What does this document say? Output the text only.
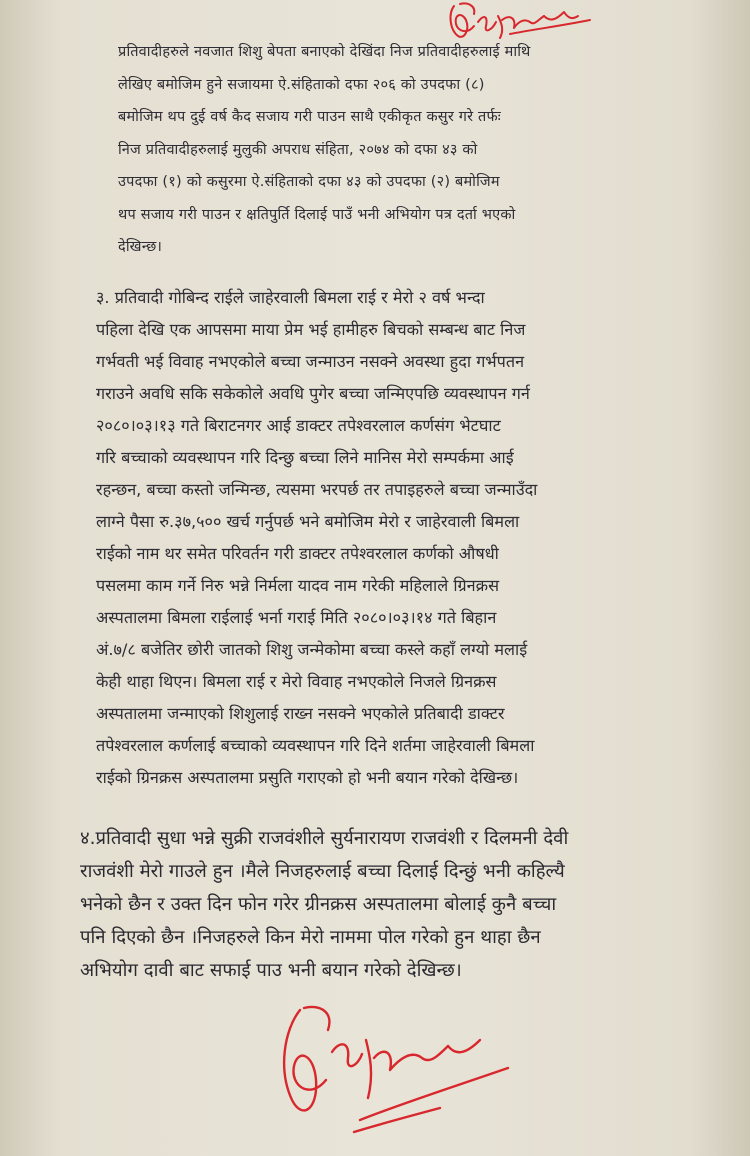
प्रतिवादीहरुले नवजात शिशु बेपता बनाएको देखिंदा निज प्रतिवादीहरुलाई माथि
लेखिए बमोजिम हुने सजायमा ऐ.संहिताको दफा २०६ को उपदफा (८)
बमोजिम थप दुई वर्ष कैद सजाय गरी पाउन साथै एकीकृत कसुर गरे तर्फः
निज प्रतिवादीहरुलाई मुलुकी अपराध संहिता, २०७४ को दफा ४३ को
उपदफा (१) को कसुरमा ऐ.संहिताको दफा ४३ को उपदफा (२) बमोजिम
थप सजाय गरी पाउन र क्षतिपुर्ति दिलाई पाउँ भनी अभियोग पत्र दर्ता भएको
देखिन्छ।
३. प्रतिवादी गोबिन्द राईले जाहेरवाली बिमला राई र मेरो २ वर्ष भन्दा
पहिला देखि एक आपसमा माया प्रेम भई हामीहरु बिचको सम्बन्ध बाट निज
गर्भवती भई विवाह नभएकोले बच्चा जन्माउन नसक्ने अवस्था हुदा गर्भपतन
गराउने अवधि सकि सकेकोले अवधि पुगेर बच्चा जन्मिएपछि व्यवस्थापन गर्न
२०८०।०३।१३ गते बिराटनगर आई डाक्टर तपेश्वरलाल कर्णसंग भेटघाट
गरि बच्चाको व्यवस्थापन गरि दिन्छु बच्चा लिने मानिस मेरो सम्पर्कमा आई
रहन्छन, बच्चा कस्तो जन्मिन्छ, त्यसमा भरपर्छ तर तपाइहरुले बच्चा जन्माउँदा
लाग्ने पैसा रु.३७,५०० खर्च गर्नुपर्छ भने बमोजिम मेरो र जाहेरवाली बिमला
राईको नाम थर समेत परिवर्तन गरी डाक्टर तपेश्वरलाल कर्णको औषधी
पसलमा काम गर्ने निरु भन्ने निर्मला यादव नाम गरेकी महिलाले ग्रिनक्रस
अस्पतालमा बिमला राईलाई भर्ना गराई मिति २०८०।०३।१४ गते बिहान
अं.७/८ बजेतिर छोरी जातको शिशु जन्मेकोमा बच्चा कस्ले कहाँ लग्यो मलाई
केही थाहा थिएन। बिमला राई र मेरो विवाह नभएकोले निजले ग्रिनक्रस
अस्पतालमा जन्माएको शिशुलाई राख्न नसक्ने भएकोले प्रतिबादी डाक्टर
तपेश्वरलाल कर्णलाई बच्चाको व्यवस्थापन गरि दिने शर्तमा जाहेरवाली बिमला
राईको ग्रिनक्रस अस्पतालमा प्रसुति गराएको हो भनी बयान गरेको देखिन्छ।
४.प्रतिवादी सुधा भन्ने सुक्री राजवंशीले सुर्यनारायण राजवंशी र दिलमनी देवी
राजवंशी मेरो गाउले हुन ।मैले निजहरुलाई बच्चा दिलाई दिन्छुं भनी कहिल्यै
भनेको छैन र उक्त दिन फोन गरेर ग्रीनक्रस अस्पतालमा बोलाई कुनै बच्चा
पनि दिएको छैन ।निजहरुले किन मेरो नाममा पोल गरेको हुन थाहा छैन
अभियोग दावी बाट सफाई पाउ भनी बयान गरेको देखिन्छ।
